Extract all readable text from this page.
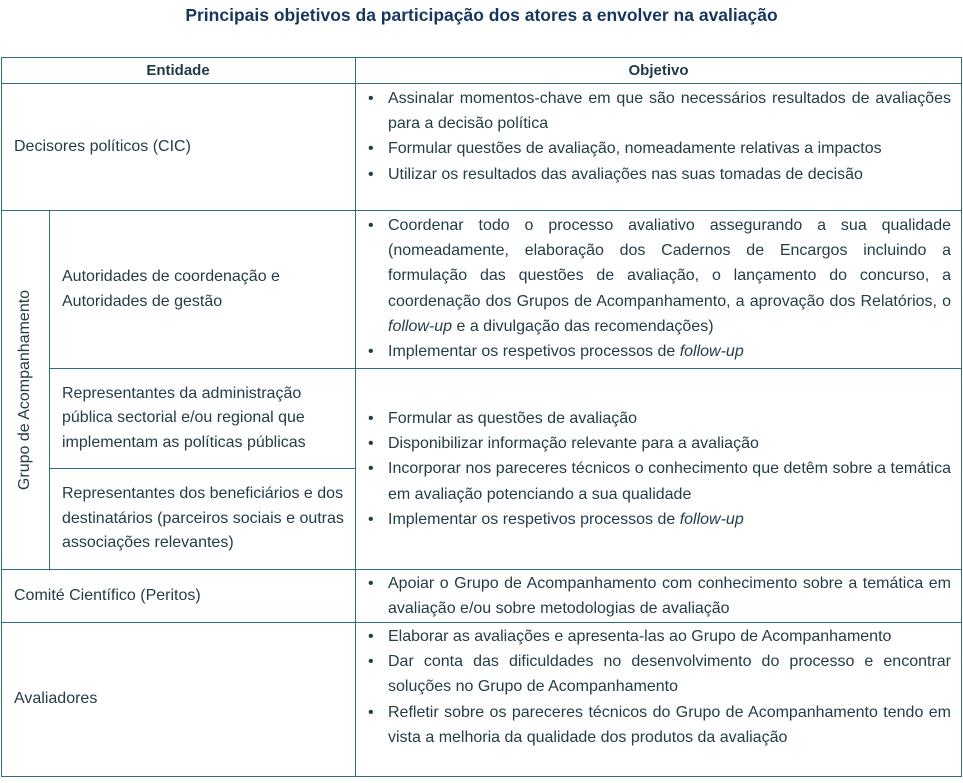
Principais objetivos da participação dos atores a envolver na avaliação
Entidade	Objetivo
Decisores políticos (CIC)
• Assinalar momentos-chave em que são necessários resultados de avaliações para a decisão política
• Formular questões de avaliação, nomeadamente relativas a impactos
• Utilizar os resultados das avaliações nas suas tomadas de decisão
Grupo de Acompanhamento
Autoridades de coordenação e Autoridades de gestão
• Coordenar todo o processo avaliativo assegurando a sua qualidade (nomeadamente, elaboração dos Cadernos de Encargos incluindo a formulação das questões de avaliação, o lançamento do concurso, a coordenação dos Grupos de Acompanhamento, a aprovação dos Relatórios, o follow-up e a divulgação das recomendações)
• Implementar os respetivos processos de follow-up
Representantes da administração pública sectorial e/ou regional que implementam as políticas públicas
Representantes dos beneficiários e dos destinatários (parceiros sociais e outras associações relevantes)
• Formular as questões de avaliação
• Disponibilizar informação relevante para a avaliação
• Incorporar nos pareceres técnicos o conhecimento que detêm sobre a temática em avaliação potenciando a sua qualidade
• Implementar os respetivos processos de follow-up
Comité Científico (Peritos)
• Apoiar o Grupo de Acompanhamento com conhecimento sobre a temática em avaliação e/ou sobre metodologias de avaliação
Avaliadores
• Elaborar as avaliações e apresenta-las ao Grupo de Acompanhamento
• Dar conta das dificuldades no desenvolvimento do processo e encontrar soluções no Grupo de Acompanhamento
• Refletir sobre os pareceres técnicos do Grupo de Acompanhamento tendo em vista a melhoria da qualidade dos produtos da avaliação
